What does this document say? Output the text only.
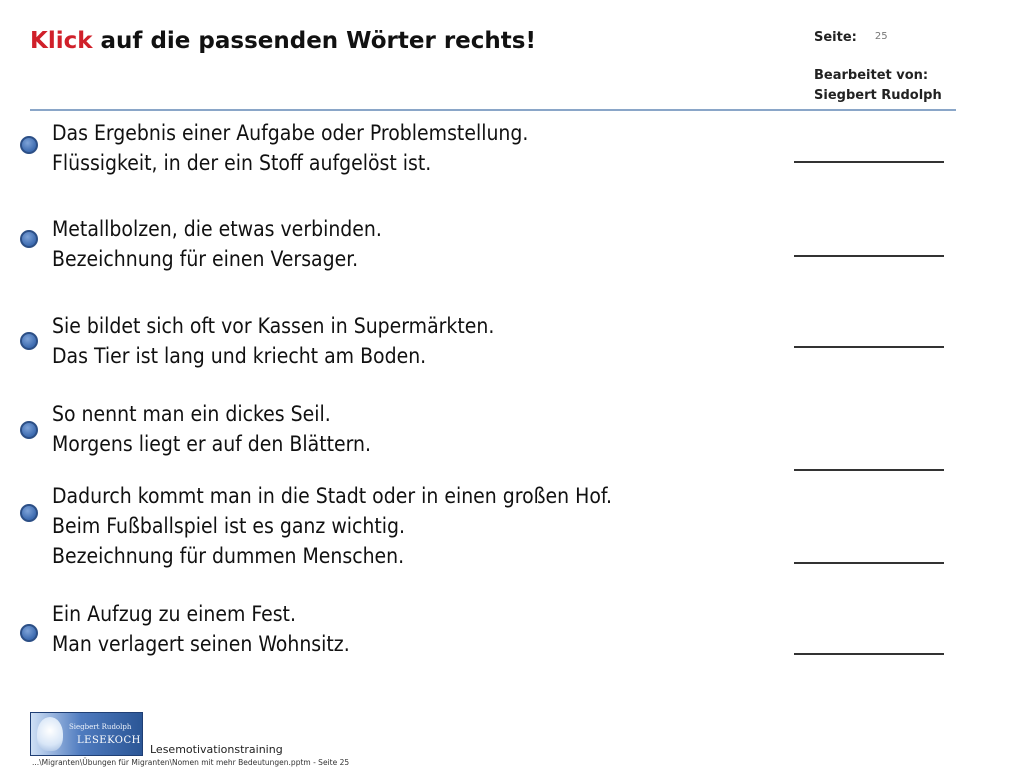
Klick auf die passenden Wörter rechts!	Seite: 25
Bearbeitet von:
Siegbert Rudolph
Das Ergebnis einer Aufgabe oder Problemstellung.
Flüssigkeit, in der ein Stoff aufgelöst ist.
Metallbolzen, die etwas verbinden.
Bezeichnung für einen Versager.
Sie bildet sich oft vor Kassen in Supermärkten.
Das Tier ist lang und kriecht am Boden.
So nennt man ein dickes Seil.
Morgens liegt er auf den Blättern.
Dadurch kommt man in die Stadt oder in einen großen Hof.
Beim Fußballspiel ist es ganz wichtig.
Bezeichnung für dummen Menschen.
Ein Aufzug zu einem Fest.
Man verlagert seinen Wohnsitz.
Siegbert Rudolph
LESEKOCH
Lesemotivationstraining
...\Migranten\Übungen für Migranten\Nomen mit mehr Bedeutungen.pptm - Seite 25
